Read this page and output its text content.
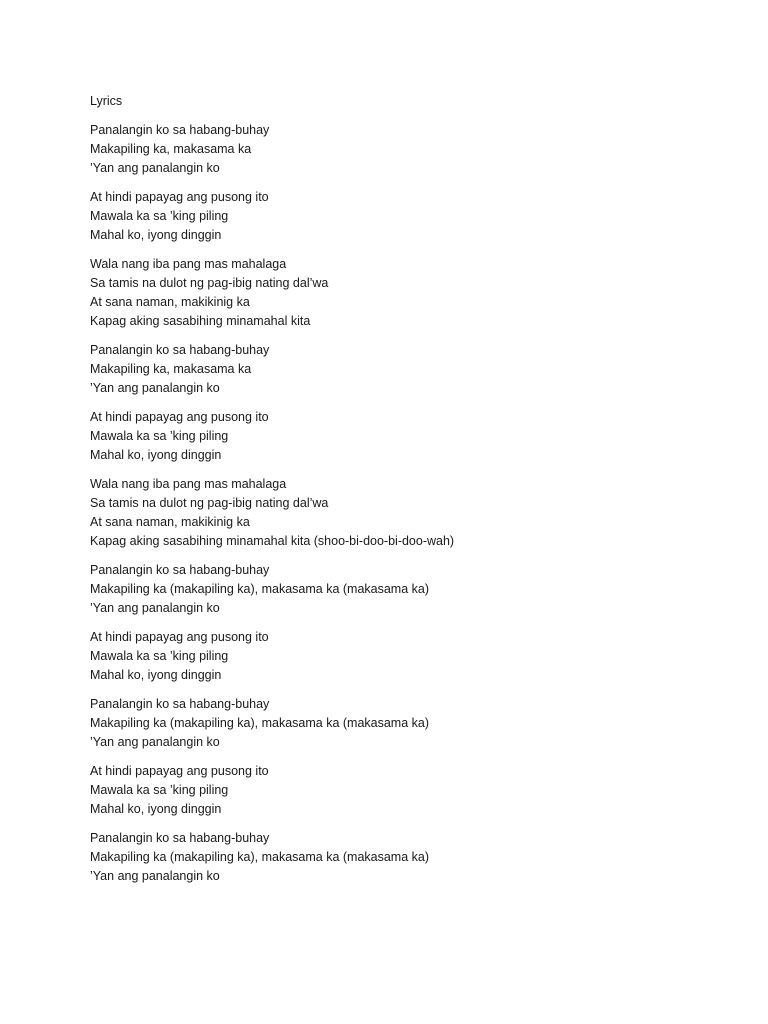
Lyrics
Panalangin ko sa habang-buhay
Makapiling ka, makasama ka
’Yan ang panalangin ko
At hindi papayag ang pusong ito
Mawala ka sa ’king piling
Mahal ko, iyong dinggin
Wala nang iba pang mas mahalaga
Sa tamis na dulot ng pag-ibig nating dal’wa
At sana naman, makikinig ka
Kapag aking sasabihing minamahal kita
Panalangin ko sa habang-buhay
Makapiling ka, makasama ka
’Yan ang panalangin ko
At hindi papayag ang pusong ito
Mawala ka sa ’king piling
Mahal ko, iyong dinggin
Wala nang iba pang mas mahalaga
Sa tamis na dulot ng pag-ibig nating dal’wa
At sana naman, makikinig ka
Kapag aking sasabihing minamahal kita (shoo-bi-doo-bi-doo-wah)
Panalangin ko sa habang-buhay
Makapiling ka (makapiling ka), makasama ka (makasama ka)
’Yan ang panalangin ko
At hindi papayag ang pusong ito
Mawala ka sa ’king piling
Mahal ko, iyong dinggin
Panalangin ko sa habang-buhay
Makapiling ka (makapiling ka), makasama ka (makasama ka)
’Yan ang panalangin ko
At hindi papayag ang pusong ito
Mawala ka sa ’king piling
Mahal ko, iyong dinggin
Panalangin ko sa habang-buhay
Makapiling ka (makapiling ka), makasama ka (makasama ka)
’Yan ang panalangin ko
